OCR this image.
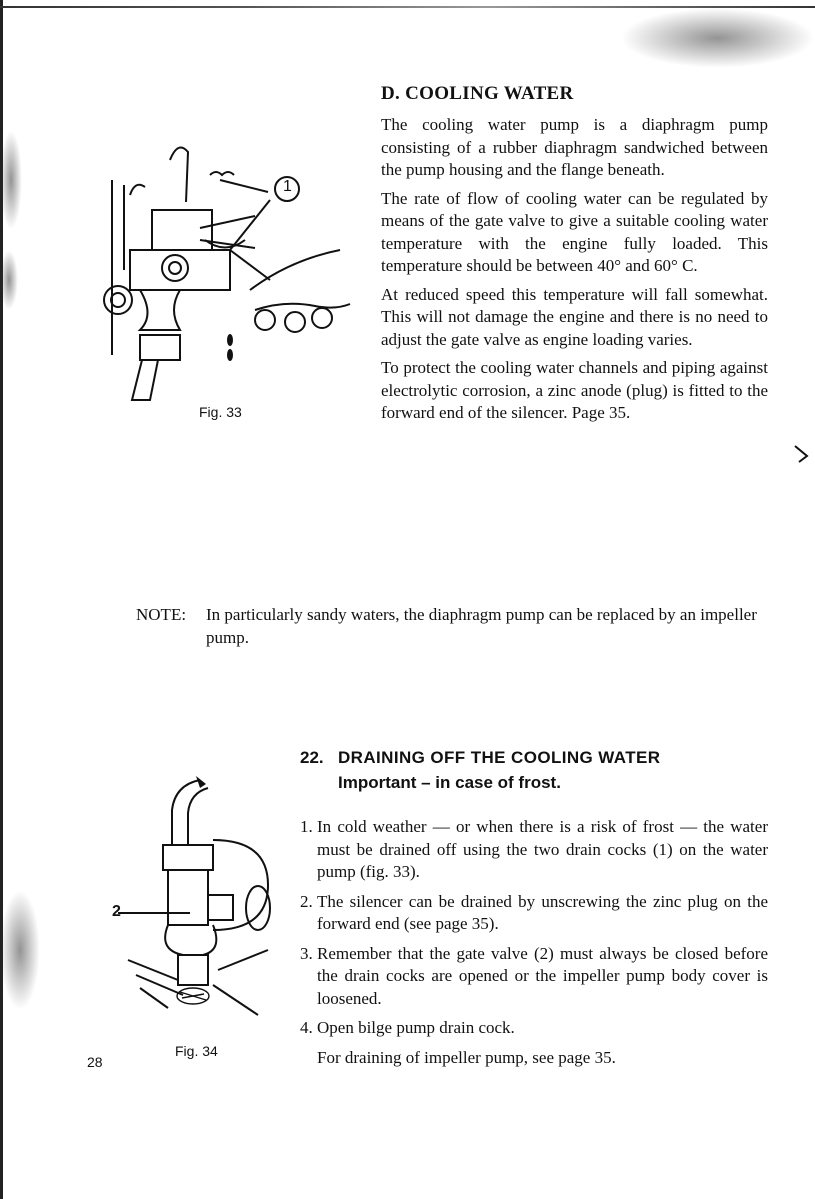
D. COOLING WATER

The cooling water pump is a diaphragm pump consisting of a rubber diaphragm sandwiched between the pump housing and the flange beneath.

The rate of flow of cooling water can be regulated by means of the gate valve to give a suitable cooling water temperature with the engine fully loaded. This temperature should be between 40° and 60° C.

At reduced speed this temperature will fall somewhat. This will not damage the engine and there is no need to adjust the gate valve as engine loading varies.

To protect the cooling water channels and piping against electrolytic corrosion, a zinc anode (plug) is fitted to the forward end of the silencer. Page 35.

1
Fig. 33
NOTE: In particularly sandy waters, the diaphragm pump can be replaced by an impeller pump.
22. DRAINING OFF THE COOLING WATER
Important – in case of frost.
1. In cold weather — or when there is a risk of frost — the water must be drained off using the two drain cocks (1) on the water pump (fig. 33).
2. The silencer can be drained by unscrewing the zinc plug on the forward end (see page 35).
3. Remember that the gate valve (2) must always be closed before the drain cocks are opened or the impeller pump body cover is loosened.
4. Open bilge pump drain cock.
For draining of impeller pump, see page 35.
2
Fig. 34
28
